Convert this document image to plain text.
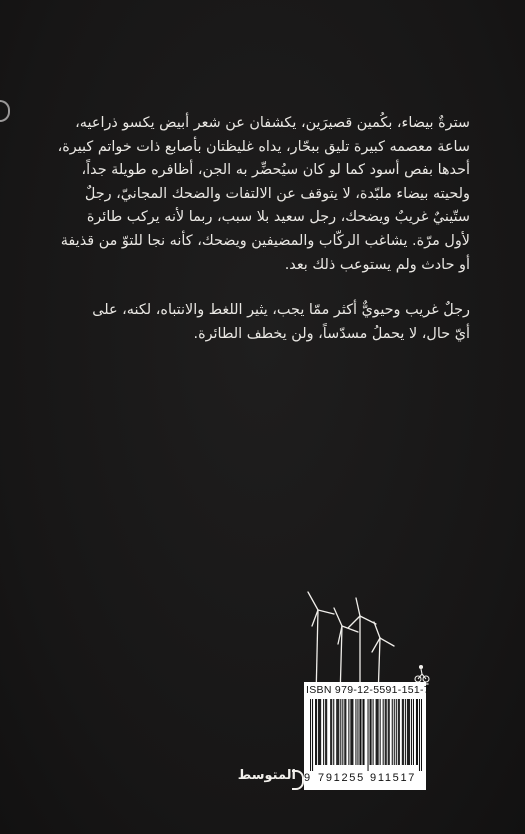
سترةٌ بيضاء، بكُمين قصيرَين، يكشفان عن شعر أبيض يكسو ذراعيه،
ساعة معصمه كبيرة تليق ببحّار، يداه غليظتان بأصابع ذات خواتم كبيرة،
أحدها بفص أسود كما لو كان سيُحضِّر به الجن، أظافره طويلة جداً،
ولحيته بيضاء ملبّدة، لا يتوقف عن الالتفات والضحك المجانيّ، رجلٌ
ستّينيٌ غريبٌ ويضحك، رجل سعيد بلا سبب، ربما لأنه يركب طائرة
لأول مرّة. يشاغب الركّاب والمضيفين ويضحك، كأنه نجا للتوّ من قذيفة
أو حادث ولم يستوعب ذلك بعد.

رجلٌ غريب وحيويٌّ أكثر ممّا يجب، يثير اللغط والانتباه، لكنه، على
أيّ حال، لا يحملُ مسدّساً، ولن يخطف الطائرة.

ISBN 979-12-5591-151-7
9 791255 911517
المتوسط
